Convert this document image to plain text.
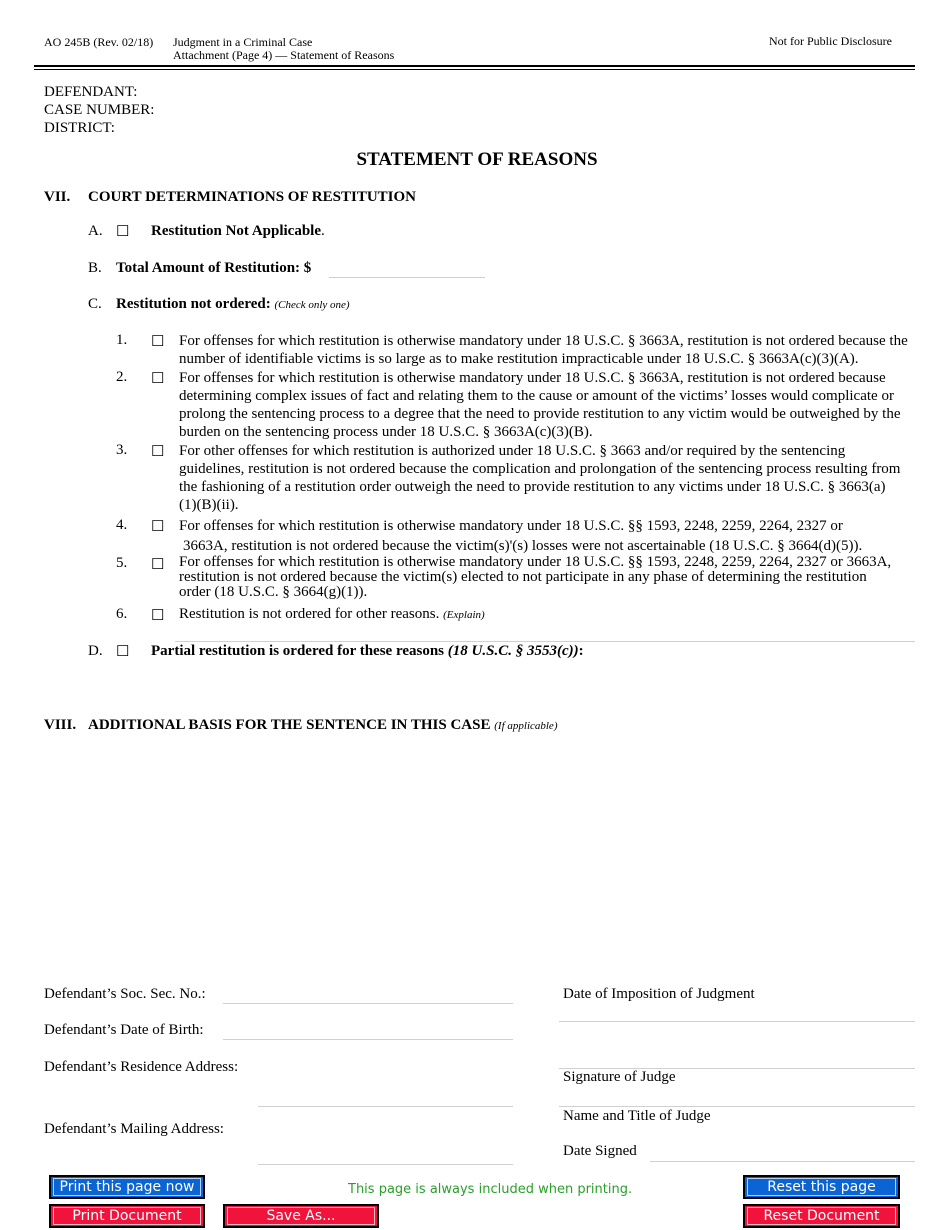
AO 245B (Rev. 02/18) Judgment in a Criminal Case
Attachment (Page 4) — Statement of Reasons
Not for Public Disclosure
DEFENDANT:
CASE NUMBER:
DISTRICT:
STATEMENT OF REASONS
VII. COURT DETERMINATIONS OF RESTITUTION
A. ☐ Restitution Not Applicable.
B. Total Amount of Restitution: $
C. Restitution not ordered: (Check only one)
1. ☐ For offenses for which restitution is otherwise mandatory under 18 U.S.C. § 3663A, restitution is not ordered because the number of identifiable victims is so large as to make restitution impracticable under 18 U.S.C. § 3663A(c)(3)(A).
2. ☐ For offenses for which restitution is otherwise mandatory under 18 U.S.C. § 3663A, restitution is not ordered because determining complex issues of fact and relating them to the cause or amount of the victims’ losses would complicate or prolong the sentencing process to a degree that the need to provide restitution to any victim would be outweighed by the burden on the sentencing process under 18 U.S.C. § 3663A(c)(3)(B).
3. ☐ For other offenses for which restitution is authorized under 18 U.S.C. § 3663 and/or required by the sentencing guidelines, restitution is not ordered because the complication and prolongation of the sentencing process resulting from the fashioning of a restitution order outweigh the need to provide restitution to any victims under 18 U.S.C. § 3663(a)(1)(B)(ii).
4. ☐ For offenses for which restitution is otherwise mandatory under 18 U.S.C. §§ 1593, 2248, 2259, 2264, 2327 or
3663A, restitution is not ordered because the victim(s)'(s) losses were not ascertainable (18 U.S.C. § 3664(d)(5)).
5. ☐ For offenses for which restitution is otherwise mandatory under 18 U.S.C. §§ 1593, 2248, 2259, 2264, 2327 or 3663A, restitution is not ordered because the victim(s) elected to not participate in any phase of determining the restitution order (18 U.S.C. § 3664(g)(1)).
6. ☐ Restitution is not ordered for other reasons. (Explain)
D. ☐ Partial restitution is ordered for these reasons (18 U.S.C. § 3553(c)):
VIII. ADDITIONAL BASIS FOR THE SENTENCE IN THIS CASE (If applicable)
Defendant’s Soc. Sec. No.:
Defendant’s Date of Birth:
Defendant’s Residence Address:
Defendant’s Mailing Address:
Date of Imposition of Judgment
Signature of Judge
Name and Title of Judge
Date Signed
Print this page now
Print Document	Save As...
This page is always included when printing.	Reset this page
Reset Document
